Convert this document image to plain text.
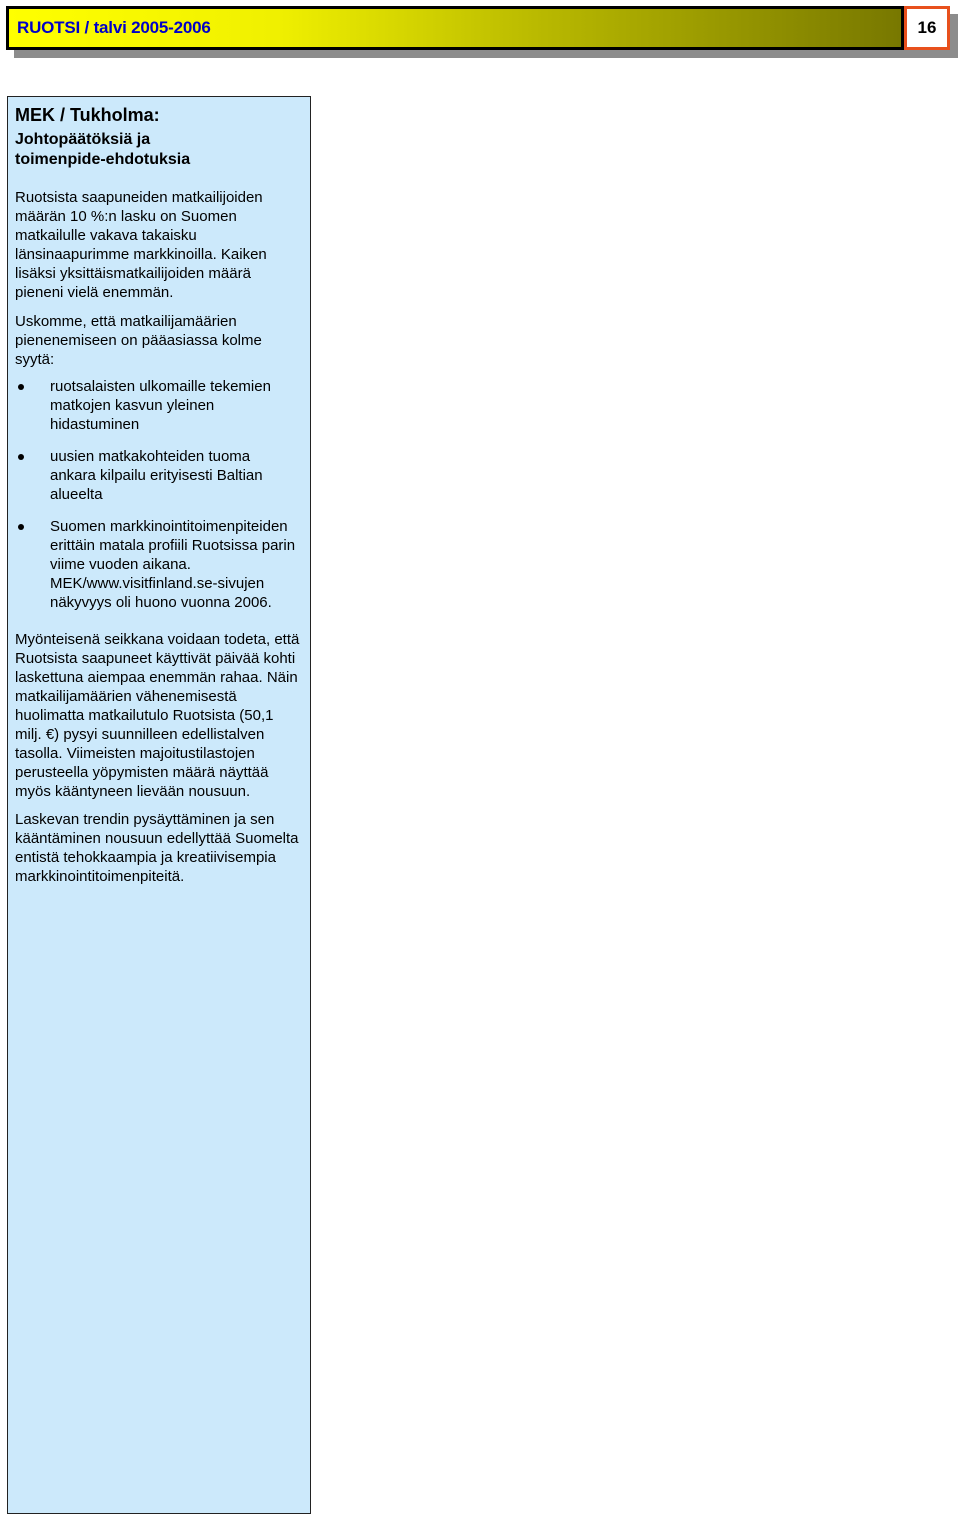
RUOTSI / talvi 2005-2006	16
MEK / Tukholma:
Johtopäätöksiä ja
toimenpide-ehdotuksia

Ruotsista saapuneiden matkailijoiden määrän 10 %:n lasku on Suomen matkailulle vakava takaisku länsinaapurimme markkinoilla. Kaiken lisäksi yksittäismatkailijoiden määrä pieneni vielä enemmän.

Uskomme, että matkailijamäärien pienenemiseen on pääasiassa kolme syytä:

ruotsalaisten ulkomaille tekemien matkojen kasvun yleinen hidastuminen
uusien matkakohteiden tuoma ankara kilpailu erityisesti Baltian alueelta
Suomen markkinointitoimenpiteiden erittäin matala profiili Ruotsissa parin viime vuoden aikana. MEK/www.visitfinland.se-sivujen näkyvyys oli huono vuonna 2006.

Myönteisenä seikkana voidaan todeta, että Ruotsista saapuneet käyttivät päivää kohti laskettuna aiempaa enemmän rahaa. Näin matkailijamäärien vähenemisestä huolimatta matkailutulo Ruotsista (50,1 milj. €) pysyi suunnilleen edellistalven tasolla. Viimeisten majoitustilastojen perusteella yöpymisten määrä näyttää myös kääntyneen lievään nousuun.

Laskevan trendin pysäyttäminen ja sen kääntäminen nousuun edellyttää Suomelta entistä tehokkaampia ja kreatiivisempia markkinointitoimenpiteitä.
